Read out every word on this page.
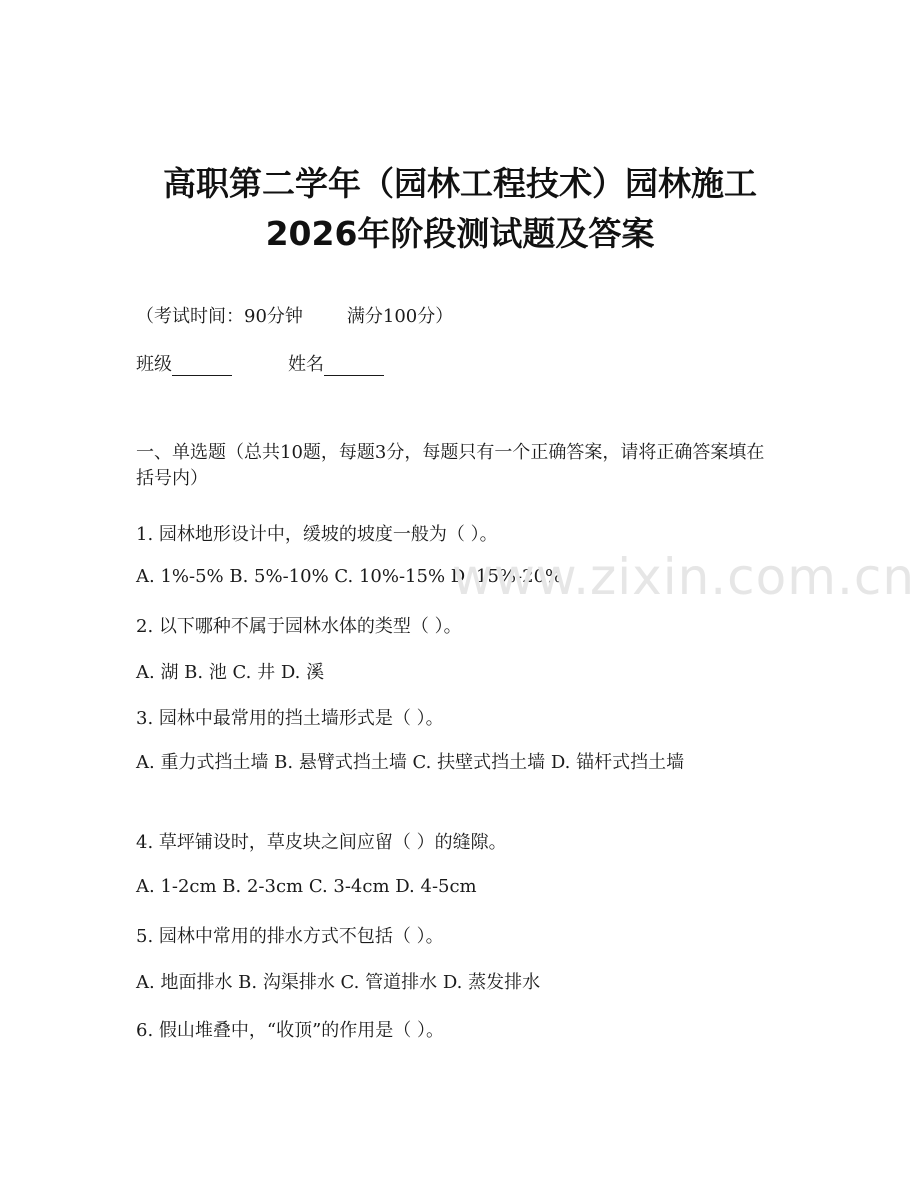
高职第二学年（园林工程技术）园林施工
2026年阶段测试题及答案
（考试时间：90分钟 满分100分）
班级	姓名
一、单选题（总共10题，每题3分，每题只有一个正确答案，请将正确答案填在括号内）
1. 园林地形设计中，缓坡的坡度一般为（ ）。
A. 1%-5% B. 5%-10% C. 10%-15% D. 15%-20%
2. 以下哪种不属于园林水体的类型（ ）。
A. 湖 B. 池 C. 井 D. 溪
3. 园林中最常用的挡土墙形式是（ ）。
A. 重力式挡土墙 B. 悬臂式挡土墙 C. 扶壁式挡土墙 D. 锚杆式挡土墙
4. 草坪铺设时，草皮块之间应留（ ）的缝隙。
A. 1-2cm B. 2-3cm C. 3-4cm D. 4-5cm
5. 园林中常用的排水方式不包括（ ）。
A. 地面排水 B. 沟渠排水 C. 管道排水 D. 蒸发排水
6. 假山堆叠中，“收顶”的作用是（ ）。
www.zixin.com.cn
